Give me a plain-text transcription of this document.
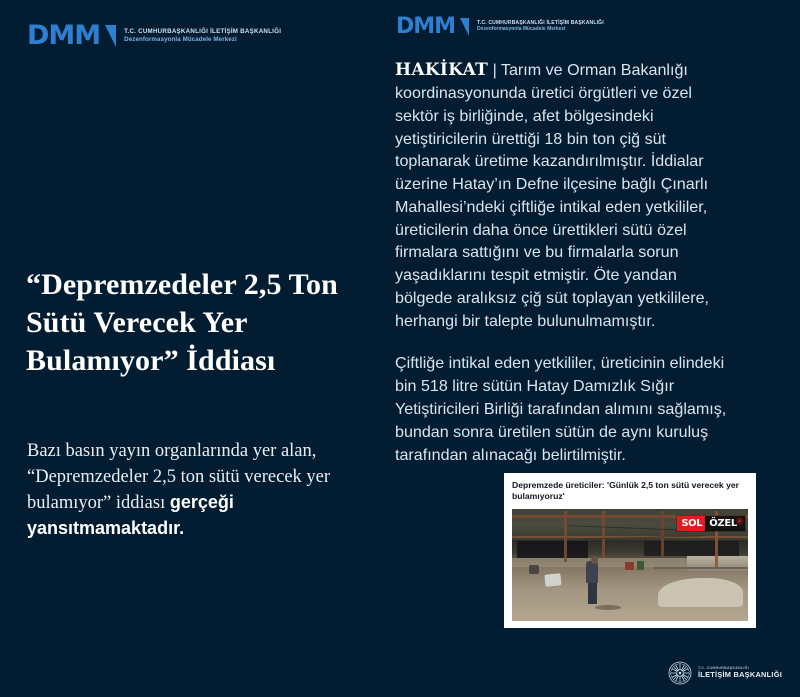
DMM	T.C. CUMHURBAŞKANLIĞI İLETİŞİM BAŞKANLIĞI
Dezenformasyonla Mücadele Merkezi
“Depremzedeler 2,5 Ton Sütü Verecek Yer Bulamıyor” İddiası

Bazı basın yayın organlarında yer alan, “Depremzedeler 2,5 ton sütü verecek yer bulamıyor” iddiası gerçeği yansıtmamaktadır.

DMM	T.C. CUMHURBAŞKANLIĞI İLETİŞİM BAŞKANLIĞI
Dezenformasyonla Mücadele Merkezi

HAKİKAT | Tarım ve Orman Bakanlığı koordinasyonunda üretici örgütleri ve özel sektör iş birliğinde, afet bölgesindeki yetiştiricilerin ürettiği 18 bin ton çiğ süt toplanarak üretime kazandırılmıştır. İddialar üzerine Hatay’ın Defne ilçesine bağlı Çınarlı Mahallesi’ndeki çiftliğe intikal eden yetkililer, üreticilerin daha önce ürettikleri sütü özel firmalara sattığını ve bu firmalarla sorun yaşadıklarını tespit etmiştir. Öte yandan bölgede aralıksız çiğ süt toplayan yetkililere, herhangi bir talepte bulunulmamıştır.

Çiftliğe intikal eden yetkililer, üreticinin elindeki bin 518 litre sütün Hatay Damızlık Sığır Yetiştiricileri Birliği tarafından alımını sağlamış, bundan sonra üretilen sütün de aynı kuruluş tarafından alınacağı belirtilmiştir.

Depremzede üreticiler: 'Günlük 2,5 ton sütü verecek yer bulamıyoruz'
SOL ÖZEL
✳
T.C. CUMHURBAŞKANLIĞI
İLETİŞİM BAŞKANLIĞI
